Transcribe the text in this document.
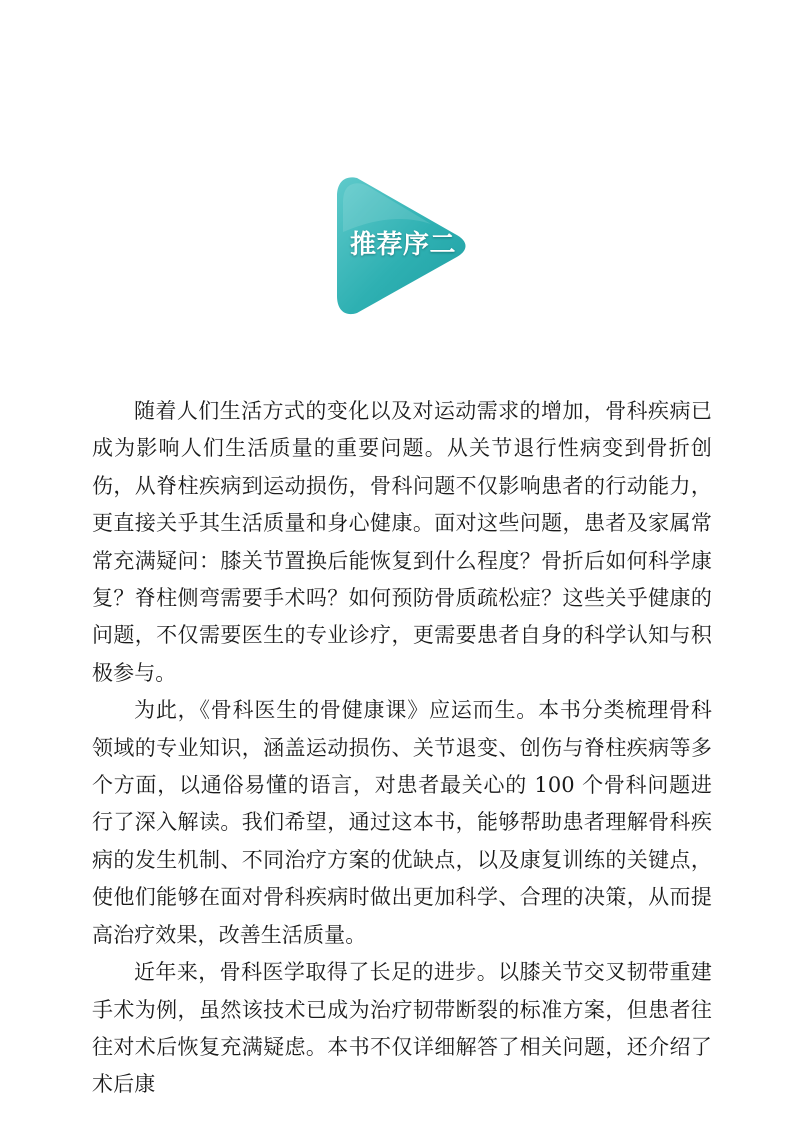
推荐序二

随着人们生活方式的变化以及对运动需求的增加，骨科疾病已成为影响人们生活质量的重要问题。从关节退行性病变到骨折创伤，从脊柱疾病到运动损伤，骨科问题不仅影响患者的行动能力，更直接关乎其生活质量和身心健康。面对这些问题，患者及家属常常充满疑问：膝关节置换后能恢复到什么程度？骨折后如何科学康复？脊柱侧弯需要手术吗？如何预防骨质疏松症？这些关乎健康的问题，不仅需要医生的专业诊疗，更需要患者自身的科学认知与积极参与。

为此，《骨科医生的骨健康课》应运而生。本书分类梳理骨科领域的专业知识，涵盖运动损伤、关节退变、创伤与脊柱疾病等多个方面，以通俗易懂的语言，对患者最关心的 100 个骨科问题进行了深入解读。我们希望，通过这本书，能够帮助患者理解骨科疾病的发生机制、不同治疗方案的优缺点，以及康复训练的关键点，使他们能够在面对骨科疾病时做出更加科学、合理的决策，从而提高治疗效果，改善生活质量。

近年来，骨科医学取得了长足的进步。以膝关节交叉韧带重建手术为例，虽然该技术已成为治疗韧带断裂的标准方案，但患者往往对术后恢复充满疑虑。本书不仅详细解答了相关问题，还介绍了术后康
